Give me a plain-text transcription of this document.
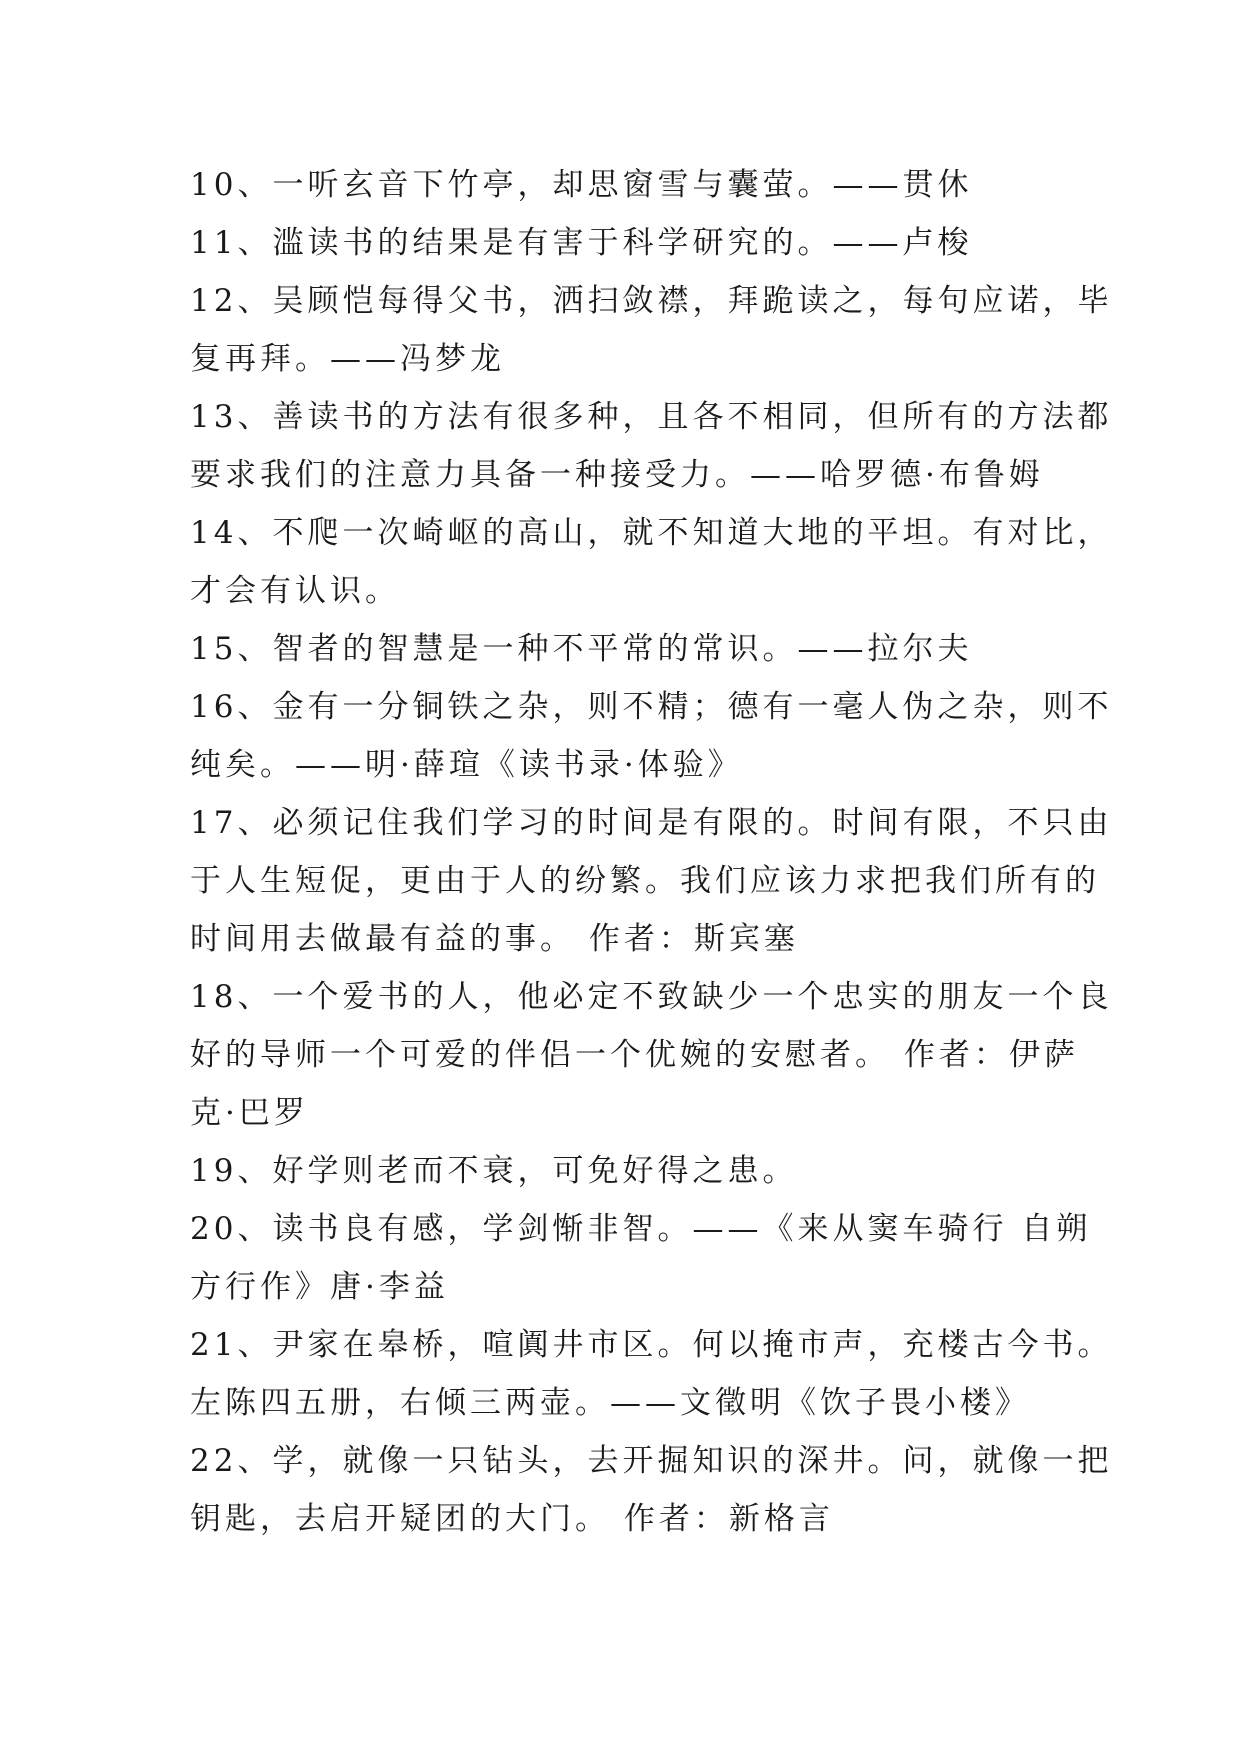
10、一听玄音下竹亭，却思窗雪与囊萤。——贯休
11、滥读书的结果是有害于科学研究的。——卢梭
12、吴顾恺每得父书，洒扫敛襟，拜跪读之，每句应诺，毕
复再拜。——冯梦龙
13、善读书的方法有很多种，且各不相同，但所有的方法都
要求我们的注意力具备一种接受力。——哈罗德·布鲁姆
14、不爬一次崎岖的高山，就不知道大地的平坦。有对比，
才会有认识。
15、智者的智慧是一种不平常的常识。——拉尔夫
16、金有一分铜铁之杂，则不精；德有一毫人伪之杂，则不
纯矣。——明·薛瑄《读书录·体验》
17、必须记住我们学习的时间是有限的。时间有限，不只由
于人生短促，更由于人的纷繁。我们应该力求把我们所有的
时间用去做最有益的事。 作者：斯宾塞
18、一个爱书的人，他必定不致缺少一个忠实的朋友一个良
好的导师一个可爱的伴侣一个优婉的安慰者。 作者：伊萨
克·巴罗
19、好学则老而不衰，可免好得之患。
20、读书良有感，学剑惭非智。——《来从窦车骑行 自朔
方行作》唐·李益
21、尹家在皋桥，喧阗井市区。何以掩市声，充楼古今书。
左陈四五册，右倾三两壶。——文徵明《饮子畏小楼》
22、学，就像一只钻头，去开掘知识的深井。问，就像一把
钥匙，去启开疑团的大门。 作者：新格言
